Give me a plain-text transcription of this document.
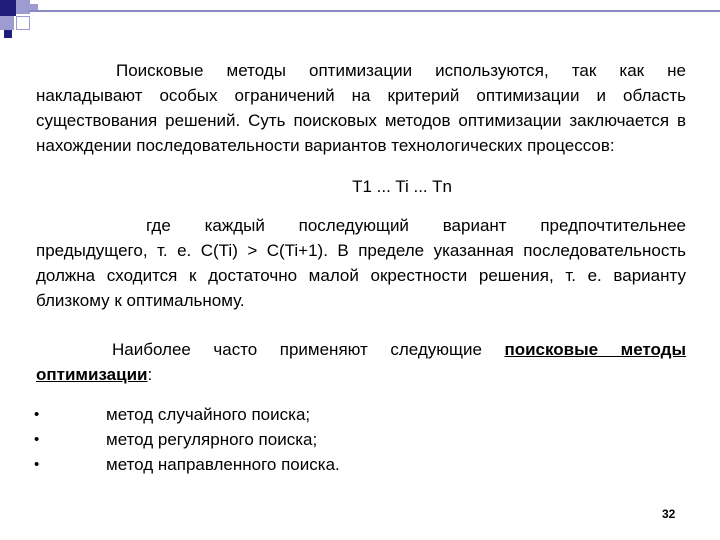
Поисковые методы оптимизации используются, так как не накладывают особых ограничений на критерий оптимизации и область существования решений. Суть поисковых методов оптимизации заключается в нахождении последовательности вариантов технологических процессов:

T1 ... Ti ... Tn

где каждый последующий вариант предпочтительнее предыдущего, т. е. C(Ti) > C(Ti+1). В пределе указанная последовательность должна сходится к достаточно малой окрестности решения, т. е. варианту близкому к оптимальному.

Наиболее часто применяют следующие поисковые методы оптимизации:

•	метод случайного поиска;
•	метод регулярного поиска;
•	метод направленного поиска.
32
